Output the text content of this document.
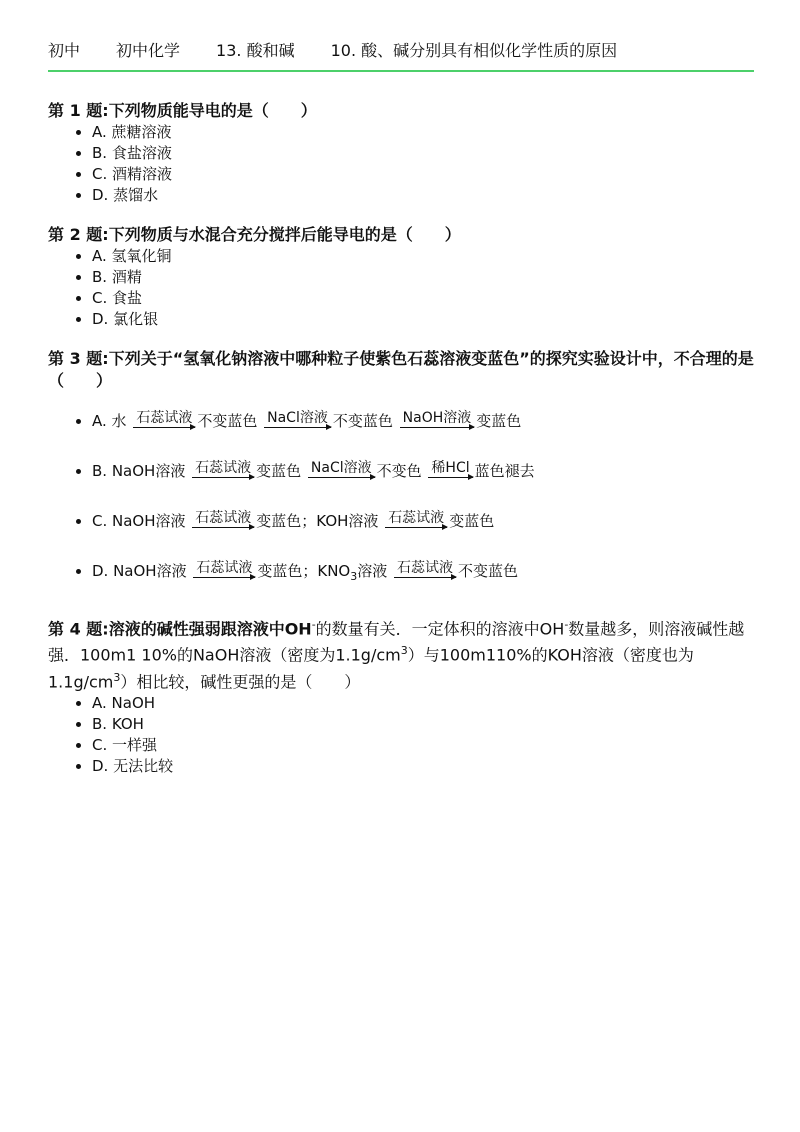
初中 初中化学 13. 酸和碱 10. 酸、碱分别具有相似化学性质的原因
第 1 题:下列物质能导电的是（　　）
• A. 蔗糖溶液
• B. 食盐溶液
• C. 酒精溶液
• D. 蒸馏水
第 2 题:下列物质与水混合充分搅拌后能导电的是（　　）
• A. 氢氧化铜
• B. 酒精
• C. 食盐
• D. 氯化银
第 3 题:下列关于“氢氧化钠溶液中哪种粒子使紫色石蕊溶液变蓝色”的探究实验设计中，不合理的是（　　）
• A. 水 石蕊试液 不变蓝色 NaCl溶液 不变蓝色 NaOH溶液 变蓝色
• B. NaOH溶液 石蕊试液 变蓝色 NaCl溶液 不变色 稀HCl 蓝色褪去
• C. NaOH溶液 石蕊试液 变蓝色；KOH溶液 石蕊试液 变蓝色
• D. NaOH溶液 石蕊试液 变蓝色；$KNO_3$溶液 石蕊试液 不变蓝色
第 4 题:溶液的碱性强弱跟溶液中OH-的数量有关．一定体积的溶液中OH-数量越多，则溶液碱性越强．100m1 10%的NaOH溶液（密度为$1.1g/cm^3$）与100m110%的KOH溶液（密度也为$1.1g/cm^3$）相比较，碱性更强的是（　　）
• A. NaOH
• B. KOH
• C. 一样强
• D. 无法比较
